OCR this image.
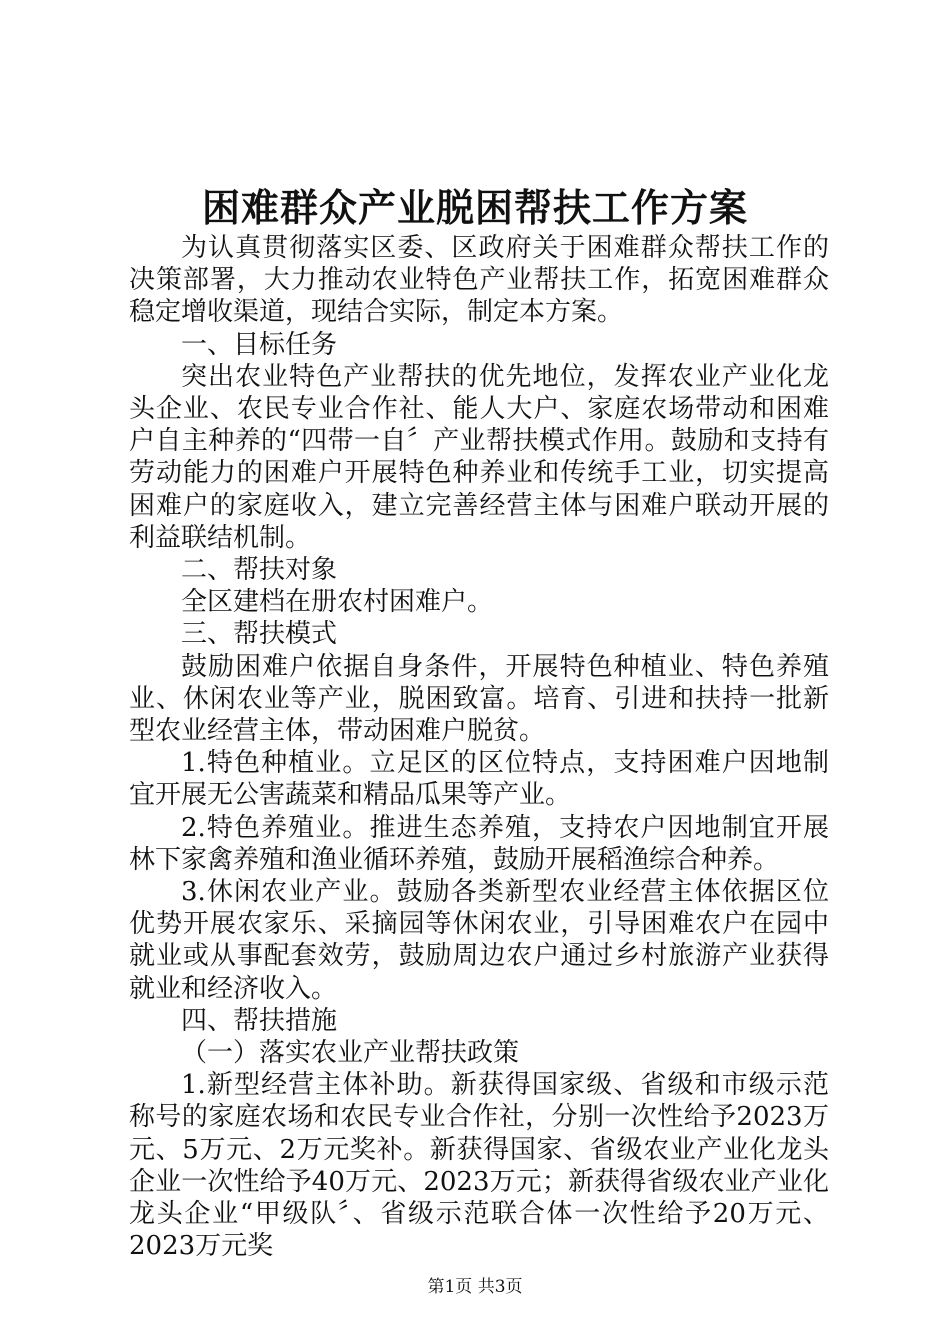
困难群众产业脱困帮扶工作方案

为认真贯彻落实区委、区政府关于困难群众帮扶工作的决策部署，大力推动农业特色产业帮扶工作，拓宽困难群众稳定增收渠道，现结合实际，制定本方案。

一、目标任务

突出农业特色产业帮扶的优先地位，发挥农业产业化龙头企业、农民专业合作社、能人大户、家庭农场带动和困难户自主种养的“四带一自〞产业帮扶模式作用。鼓励和支持有劳动能力的困难户开展特色种养业和传统手工业，切实提高困难户的家庭收入，建立完善经营主体与困难户联动开展的利益联结机制。

二、帮扶对象

全区建档在册农村困难户。

三、帮扶模式

鼓励困难户依据自身条件，开展特色种植业、特色养殖业、休闲农业等产业，脱困致富。培育、引进和扶持一批新型农业经营主体，带动困难户脱贫。

1.特色种植业。立足区的区位特点，支持困难户因地制宜开展无公害蔬菜和精品瓜果等产业。

2.特色养殖业。推进生态养殖，支持农户因地制宜开展林下家禽养殖和渔业循环养殖，鼓励开展稻渔综合种养。

3.休闲农业产业。鼓励各类新型农业经营主体依据区位优势开展农家乐、采摘园等休闲农业，引导困难农户在园中就业或从事配套效劳，鼓励周边农户通过乡村旅游产业获得就业和经济收入。

四、帮扶措施

（一）落实农业产业帮扶政策

1.新型经营主体补助。新获得国家级、省级和市级示范称号的家庭农场和农民专业合作社，分别一次性给予2023万元、5万元、2万元奖补。新获得国家、省级农业产业化龙头企业一次性给予40万元、2023万元；新获得省级农业产业化龙头企业“甲级队〞、省级示范联合体一次性给予20万元、2023万元奖

第1页 共3页
